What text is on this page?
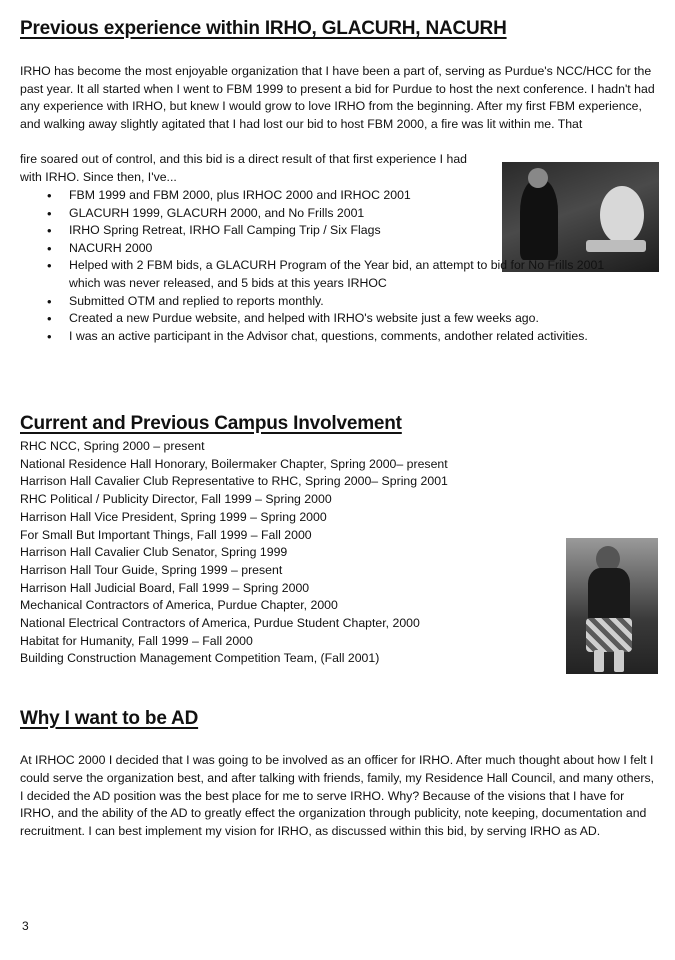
Previous experience within IRHO, GLACURH, NACURH

IRHO has become the most enjoyable organization that I have been a part of, serving as Purdue's NCC/HCC for the past year. It all started when I went to FBM 1999 to present a bid for Purdue to host the next conference. I hadn't had any experience with IRHO, but knew I would grow to love IRHO from the beginning. After my first FBM experience, and walking away slightly agitated that I had lost our bid to host FBM 2000, a fire was lit within me. That

fire soared out of control, and this bid is a direct result of that first experience I had with IRHO. Since then, I've...

• FBM 1999 and FBM 2000, plus IRHOC 2000 and IRHOC 2001
• GLACURH 1999, GLACURH 2000, and No Frills 2001
• IRHO Spring Retreat, IRHO Fall Camping Trip / Six Flags
• NACURH 2000
• Helped with 2 FBM bids, a GLACURH Program of the Year bid, an attempt to bid for No Frills 2001 which was never released, and 5 bids at this years IRHOC
• Submitted OTM and replied to reports monthly.
• Created a new Purdue website, and helped with IRHO's website just a few weeks ago.
• I was an active participant in the Advisor chat, questions, comments, andother related activities.
Current and Previous Campus Involvement
RHC NCC, Spring 2000 – present
National Residence Hall Honorary, Boilermaker Chapter, Spring 2000– present
Harrison Hall Cavalier Club Representative to RHC, Spring 2000– Spring 2001
RHC Political / Publicity Director, Fall 1999 – Spring 2000
Harrison Hall Vice President, Spring 1999 – Spring 2000
For Small But Important Things, Fall 1999 – Fall 2000
Harrison Hall Cavalier Club Senator, Spring 1999
Harrison Hall Tour Guide, Spring 1999 – present
Harrison Hall Judicial Board, Fall 1999 – Spring 2000
Mechanical Contractors of America, Purdue Chapter, 2000
National Electrical Contractors of America, Purdue Student Chapter, 2000
Habitat for Humanity, Fall 1999 – Fall 2000
Building Construction Management Competition Team, (Fall 2001)
Why I want to be AD

At IRHOC 2000 I decided that I was going to be involved as an officer for IRHO. After much thought about how I felt I could serve the organization best, and after talking with friends, family, my Residence Hall Council, and many others, I decided the AD position was the best place for me to serve IRHO. Why? Because of the visions that I have for IRHO, and the ability of the AD to greatly effect the organization through publicity, note keeping, documentation and recruitment. I can best implement my vision for IRHO, as discussed within this bid, by serving IRHO as AD.

3
